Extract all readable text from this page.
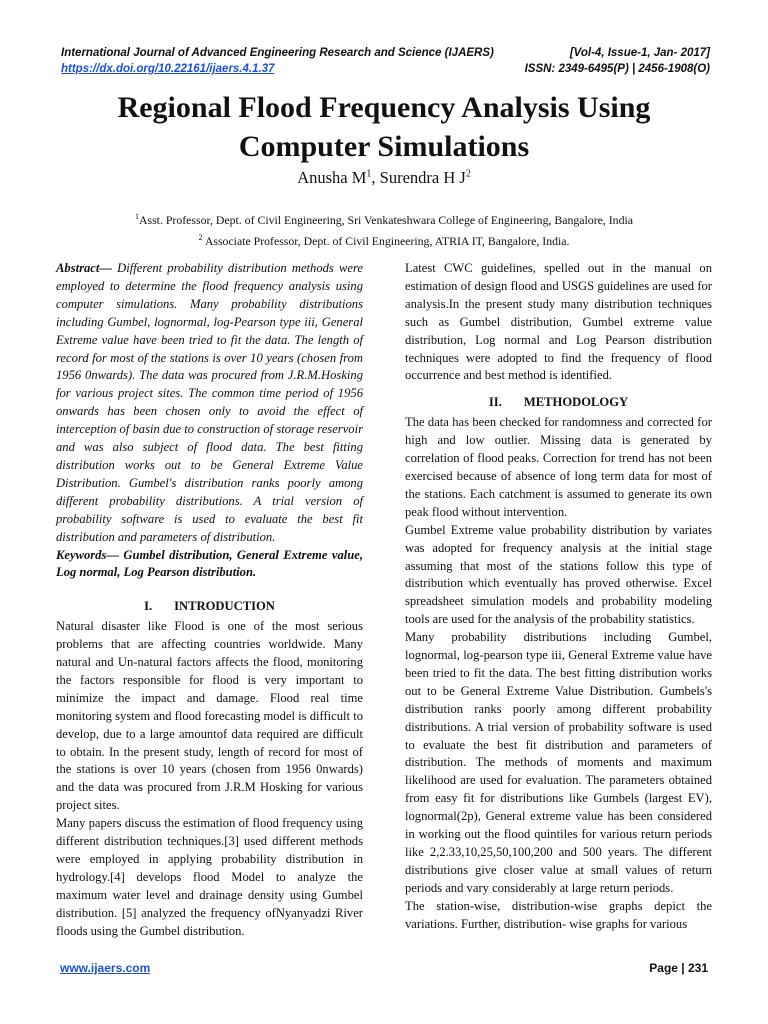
International Journal of Advanced Engineering Research and Science (IJAERS)	[Vol-4, Issue-1, Jan- 2017]
https://dx.doi.org/10.22161/ijaers.4.1.37	ISSN: 2349-6495(P) | 2456-1908(O)
Regional Flood Frequency Analysis Using
Computer Simulations
Anusha $M^1$, Surendra H $J^2$
$^1$Asst. Professor, Dept. of Civil Engineering, Sri Venkateshwara College of Engineering, Bangalore, India
$^2$ Associate Professor, Dept. of Civil Engineering, ATRIA IT, Bangalore, India.

Abstract— Different probability distribution methods were employed to determine the flood frequency analysis using computer simulations. Many probability distributions including Gumbel, lognormal, log-Pearson type iii, General Extreme value have been tried to fit the data. The length of record for most of the stations is over 10 years (chosen from 1956 0nwards). The data was procured from J.R.M.Hosking for various project sites. The common time period of 1956 onwards has been chosen only to avoid the effect of interception of basin due to construction of storage reservoir and was also subject of flood data. The best fitting distribution works out to be General Extreme Value Distribution. Gumbel's distribution ranks poorly among different probability distributions. A trial version of probability software is used to evaluate the best fit distribution and parameters of distribution.

Keywords— Gumbel distribution, General Extreme value, Log normal, Log Pearson distribution.

I. INTRODUCTION

Natural disaster like Flood is one of the most serious problems that are affecting countries worldwide. Many natural and Un-natural factors affects the flood, monitoring the factors responsible for flood is very important to minimize the impact and damage. Flood real time monitoring system and flood forecasting model is difficult to develop, due to a large amountof data required are difficult to obtain. In the present study, length of record for most of the stations is over 10 years (chosen from 1956 0nwards) and the data was procured from J.R.M Hosking for various project sites.

Many papers discuss the estimation of flood frequency using different distribution techniques.[3] used different methods were employed in applying probability distribution in hydrology.[4] develops flood Model to analyze the maximum water level and drainage density using Gumbel distribution. [5] analyzed the frequency ofNyanyadzi River floods using the Gumbel distribution.

Latest CWC guidelines, spelled out in the manual on estimation of design flood and USGS guidelines are used for analysis.In the present study many distribution techniques such as Gumbel distribution, Gumbel extreme value distribution, Log normal and Log Pearson distribution techniques were adopted to find the frequency of flood occurrence and best method is identified.

II. METHODOLOGY

The data has been checked for randomness and corrected for high and low outlier. Missing data is generated by correlation of flood peaks. Correction for trend has not been exercised because of absence of long term data for most of the stations. Each catchment is assumed to generate its own peak flood without intervention.

Gumbel Extreme value probability distribution by variates was adopted for frequency analysis at the initial stage assuming that most of the stations follow this type of distribution which eventually has proved otherwise. Excel spreadsheet simulation models and probability modeling tools are used for the analysis of the probability statistics.

Many probability distributions including Gumbel, lognormal, log-pearson type iii, General Extreme value have been tried to fit the data. The best fitting distribution works out to be General Extreme Value Distribution. Gumbels's distribution ranks poorly among different probability distributions. A trial version of probability software is used to evaluate the best fit distribution and parameters of distribution. The methods of moments and maximum likelihood are used for evaluation. The parameters obtained from easy fit for distributions like Gumbels (largest EV), lognormal(2p), General extreme value has been considered in working out the flood quintiles for various return periods like 2,2.33,10,25,50,100,200 and 500 years. The different distributions give closer value at small values of return periods and vary considerably at large return periods.

The station-wise, distribution-wise graphs depict the variations. Further, distribution- wise graphs for various

www.ijaers.com	Page | 231
